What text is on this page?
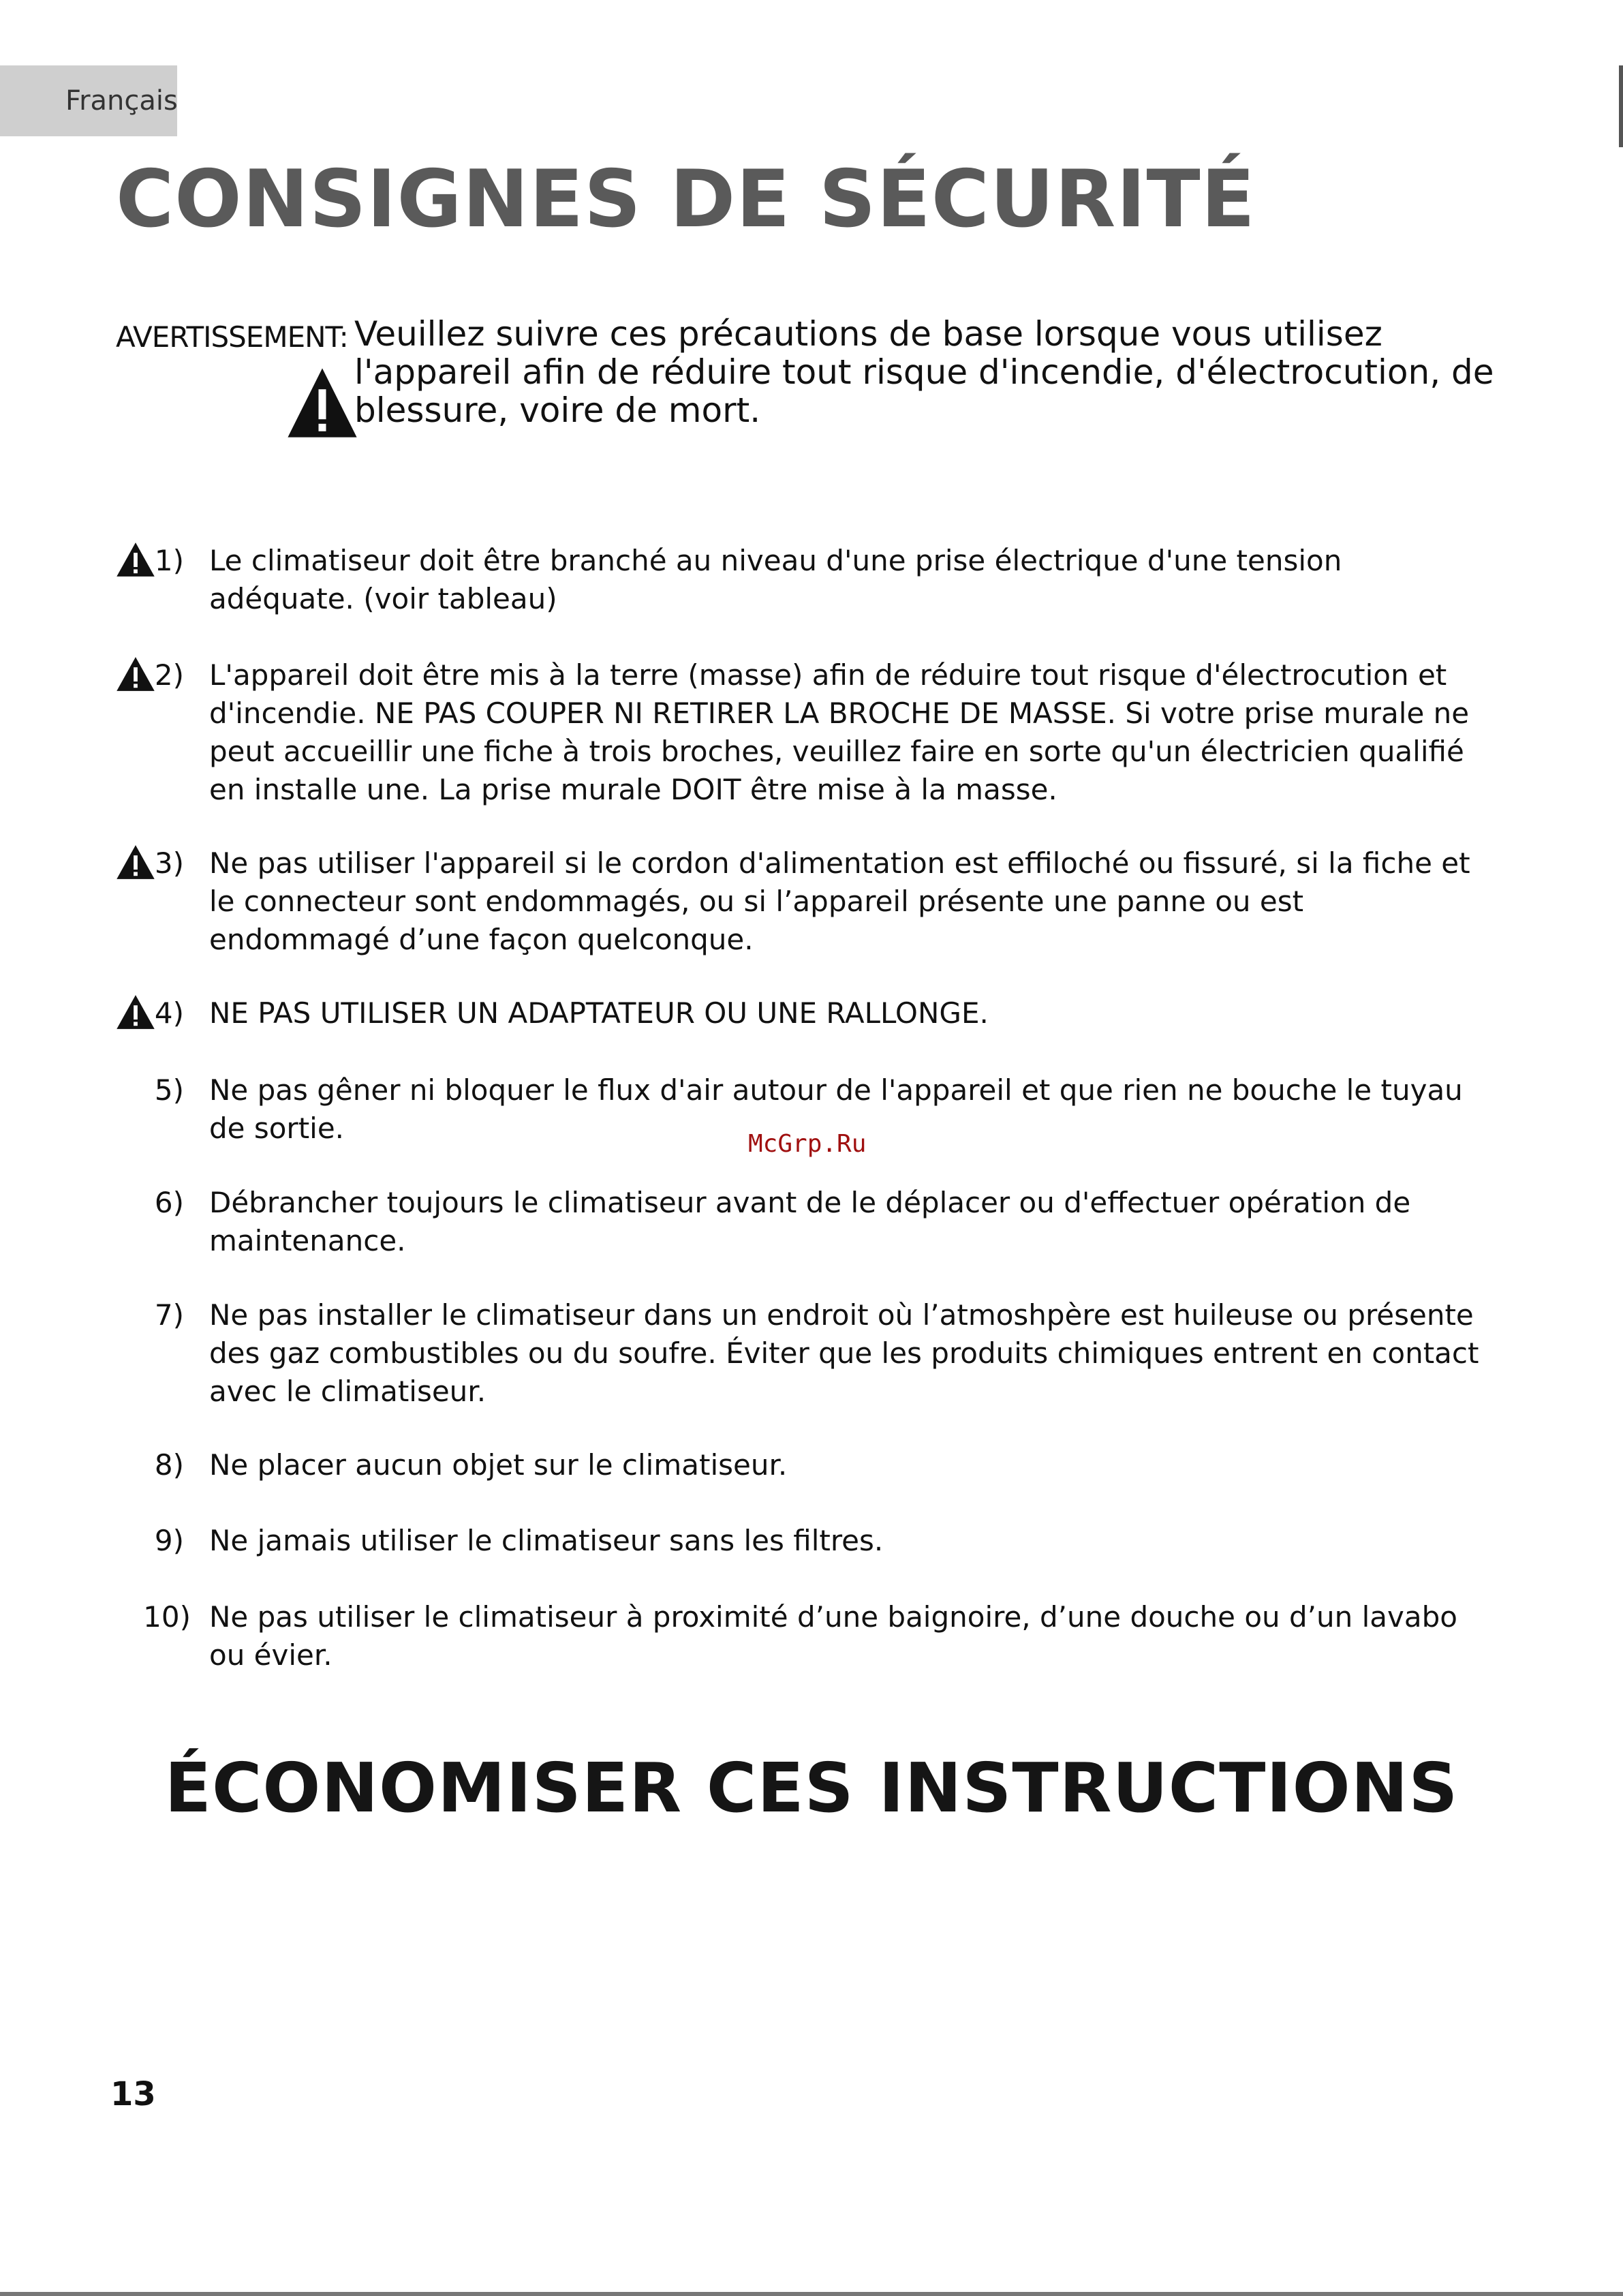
Français
CONSIGNES DE SÉCURITÉ
AVERTISSEMENT: Veuillez suivre ces précautions de base lorsque vous utilisez l'appareil afin de réduire tout risque d'incendie, d'électrocution, de blessure, voire de mort.
1) Le climatiseur doit être branché au niveau d'une prise électrique d'une tension adéquate. (voir tableau)
2) L'appareil doit être mis à la terre (masse) afin de réduire tout risque d'électrocution et d'incendie. NE PAS COUPER NI RETIRER LA BROCHE DE MASSE. Si votre prise murale ne peut accueillir une fiche à trois broches, veuillez faire en sorte qu'un électricien qualifié en installe une. La prise murale DOIT être mise à la masse.
3) Ne pas utiliser l'appareil si le cordon d'alimentation est effiloché ou fissuré, si la fiche et le connecteur sont endommagés, ou si l’appareil présente une panne ou est endommagé d’une façon quelconque.
4) NE PAS UTILISER UN ADAPTATEUR OU UNE RALLONGE.
5) Ne pas gêner ni bloquer le flux d'air autour de l'appareil et que rien ne bouche le tuyau de sortie.
6) Débrancher toujours le climatiseur avant de le déplacer ou d'effectuer opération de maintenance.
7) Ne pas installer le climatiseur dans un endroit où l’atmoshpère est huileuse ou présente des gaz combustibles ou du soufre. Éviter que les produits chimiques entrent en contact avec le climatiseur.
8) Ne placer aucun objet sur le climatiseur.
9) Ne jamais utiliser le climatiseur sans les filtres.
10) Ne pas utiliser le climatiseur à proximité d’une baignoire, d’une douche ou d’un lavabo ou évier.
McGrp.Ru
ÉCONOMISER CES INSTRUCTIONS
13
